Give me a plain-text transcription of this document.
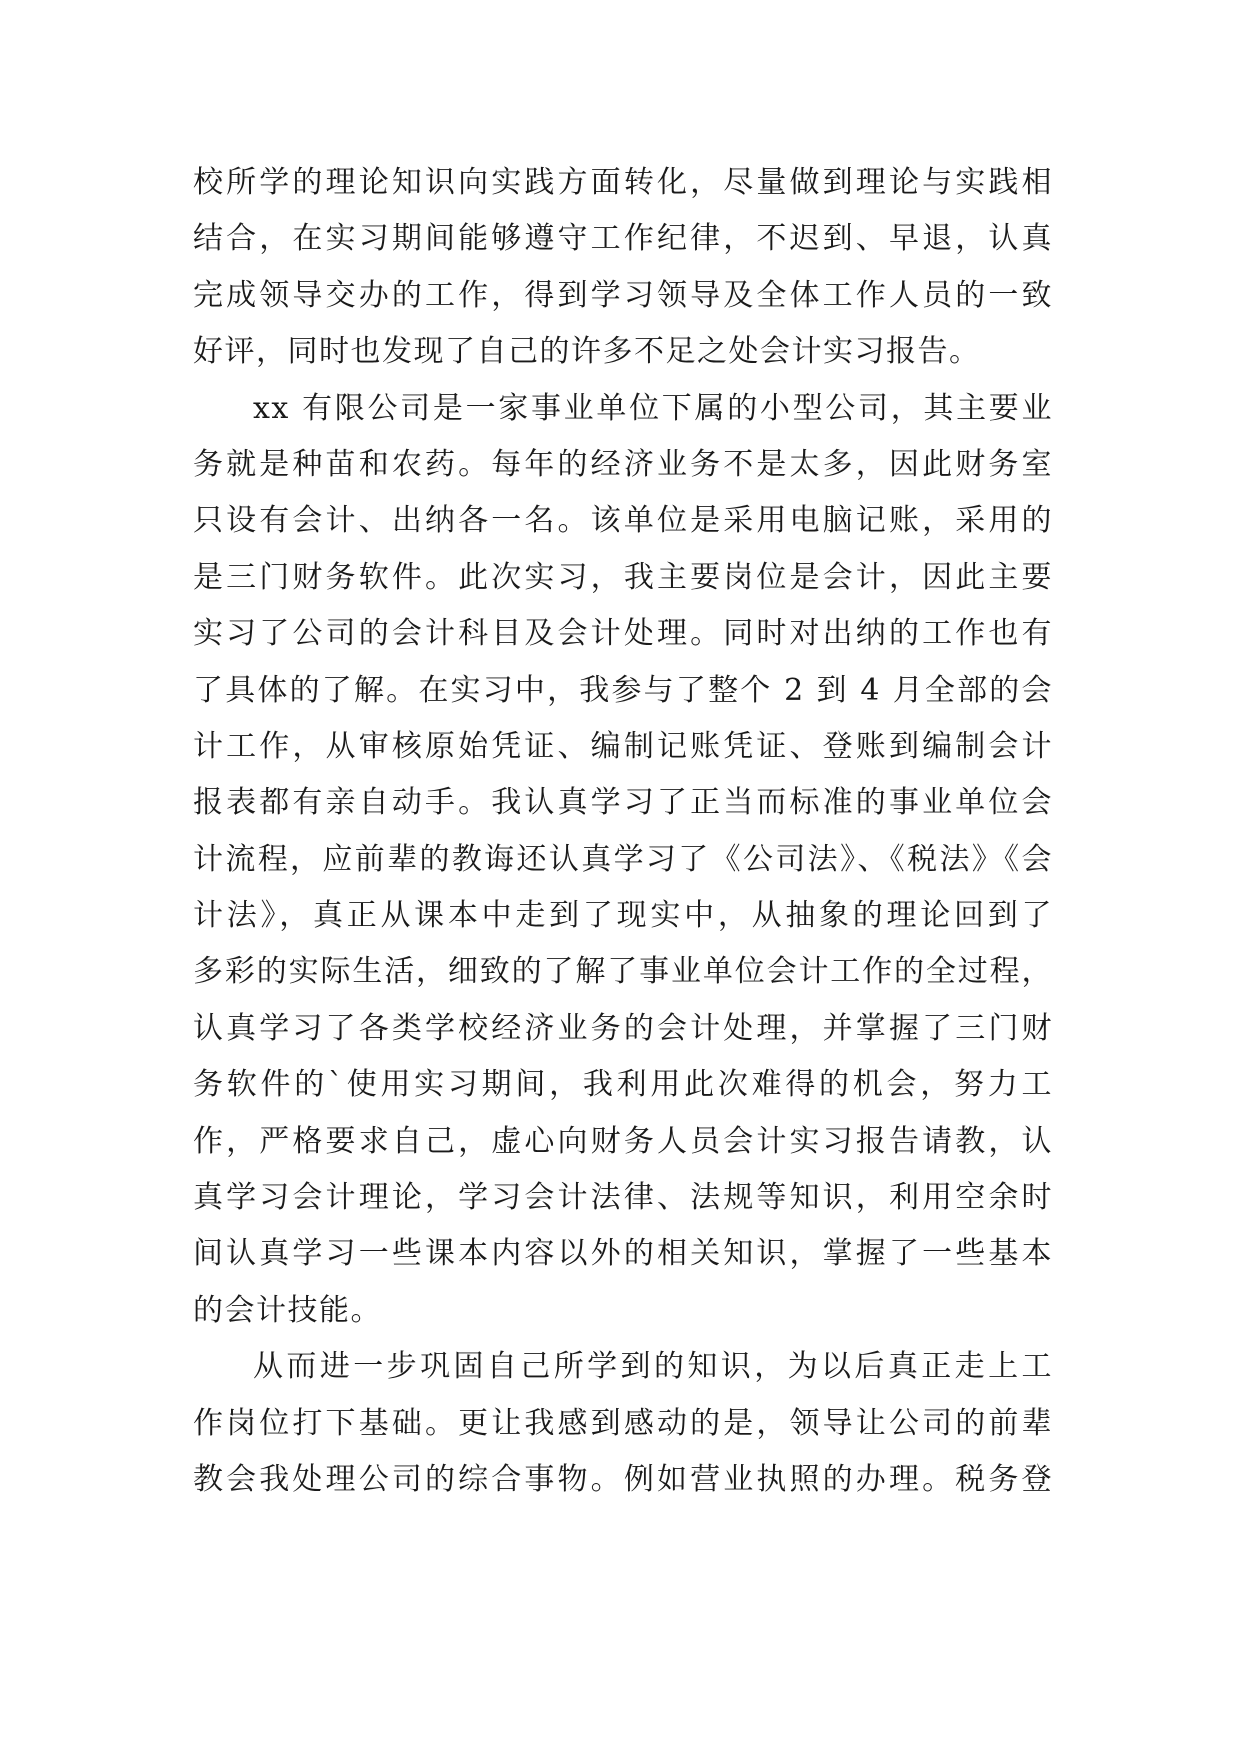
校所学的理论知识向实践方面转化，尽量做到理论与实践相
结合，在实习期间能够遵守工作纪律，不迟到、早退，认真
完成领导交办的工作，得到学习领导及全体工作人员的一致
好评，同时也发现了自己的许多不足之处会计实习报告。
xx 有限公司是一家事业单位下属的小型公司，其主要业
务就是种苗和农药。每年的经济业务不是太多，因此财务室
只设有会计、出纳各一名。该单位是采用电脑记账，采用的
是三门财务软件。此次实习，我主要岗位是会计，因此主要
实习了公司的会计科目及会计处理。同时对出纳的工作也有
了具体的了解。在实习中，我参与了整个 2 到 4 月全部的会
计工作，从审核原始凭证、编制记账凭证、登账到编制会计
报表都有亲自动手。我认真学习了正当而标准的事业单位会
计流程，应前辈的教诲还认真学习了《公司法》、《税法》《会
计法》，真正从课本中走到了现实中，从抽象的理论回到了
多彩的实际生活，细致的了解了事业单位会计工作的全过程，
认真学习了各类学校经济业务的会计处理，并掌握了三门财
务软件的`使用实习期间，我利用此次难得的机会，努力工
作，严格要求自己，虚心向财务人员会计实习报告请教，认
真学习会计理论，学习会计法律、法规等知识，利用空余时
间认真学习一些课本内容以外的相关知识，掌握了一些基本
的会计技能。
从而进一步巩固自己所学到的知识，为以后真正走上工
作岗位打下基础。更让我感到感动的是，领导让公司的前辈
教会我处理公司的综合事物。例如营业执照的办理。税务登
